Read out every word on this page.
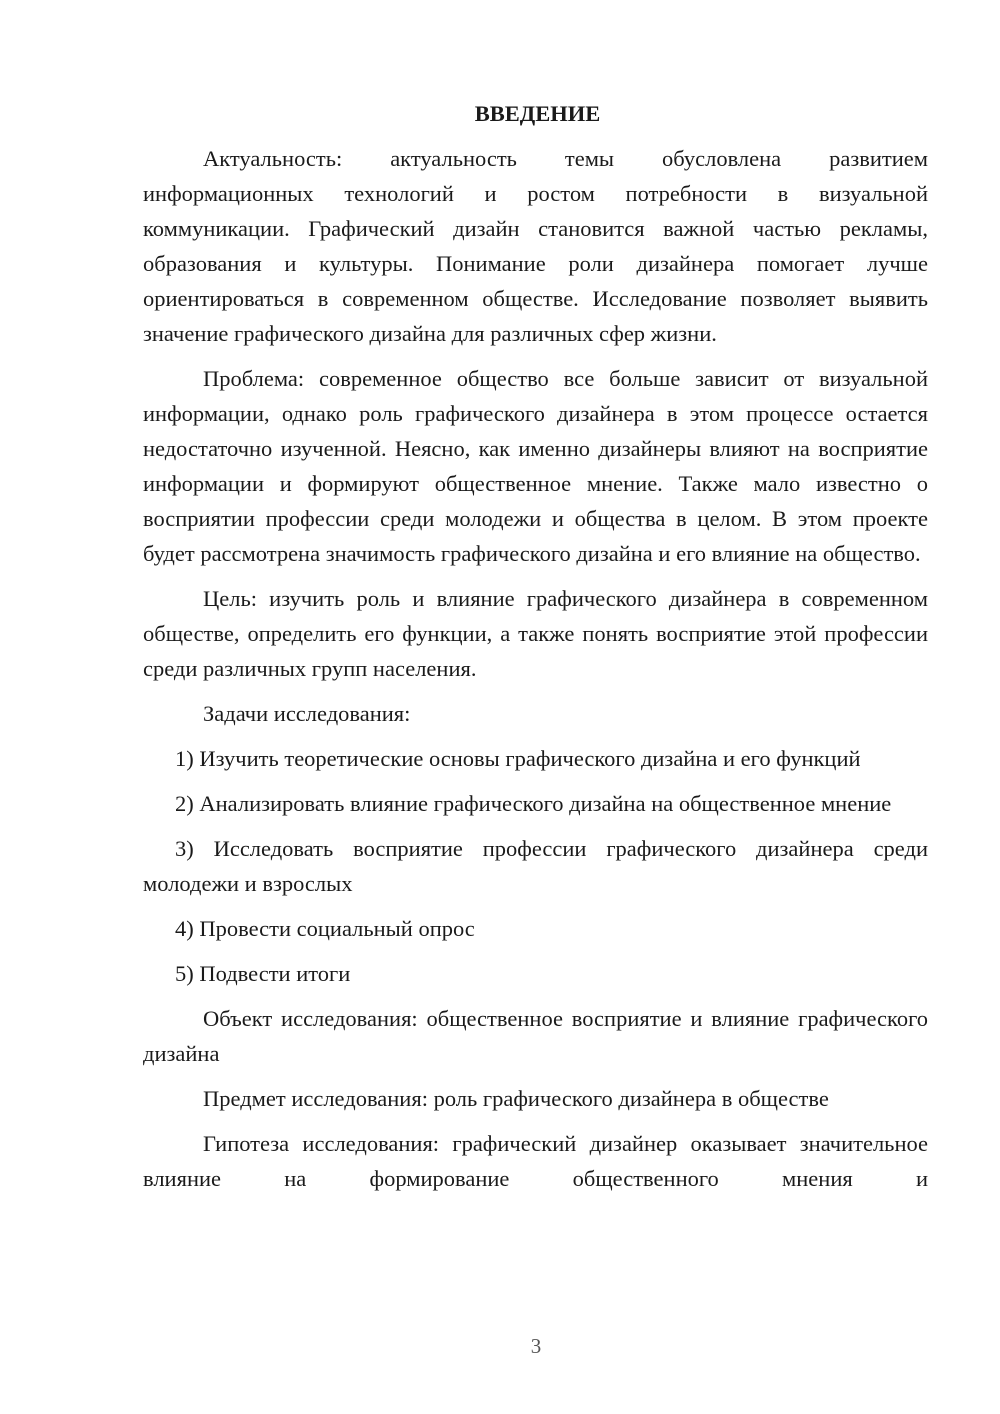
ВВЕДЕНИЕ

Актуальность: актуальность темы обусловлена развитием информационных технологий и ростом потребности в визуальной коммуникации. Графический дизайн становится важной частью рекламы, образования и культуры. Понимание роли дизайнера помогает лучше ориентироваться в современном обществе. Исследование позволяет выявить значение графического дизайна для различных сфер жизни.

Проблема: современное общество все больше зависит от визуальной информации, однако роль графического дизайнера в этом процессе остается недостаточно изученной. Неясно, как именно дизайнеры влияют на восприятие информации и формируют общественное мнение. Также мало известно о восприятии профессии среди молодежи и общества в целом. В этом проекте будет рассмотрена значимость графического дизайна и его влияние на общество.

Цель: изучить роль и влияние графического дизайнера в современном обществе, определить его функции, а также понять восприятие этой профессии среди различных групп населения.

Задачи исследования:

1) Изучить теоретические основы графического дизайна и его функций

2) Анализировать влияние графического дизайна на общественное мнение

3) Исследовать восприятие профессии графического дизайнера среди молодежи и взрослых

4) Провести социальный опрос

5) Подвести итоги

Объект исследования: общественное восприятие и влияние графического дизайна

Предмет исследования: роль графического дизайнера в обществе

Гипотеза исследования: графический дизайнер оказывает значительное влияние на формирование общественного мнения и

3
